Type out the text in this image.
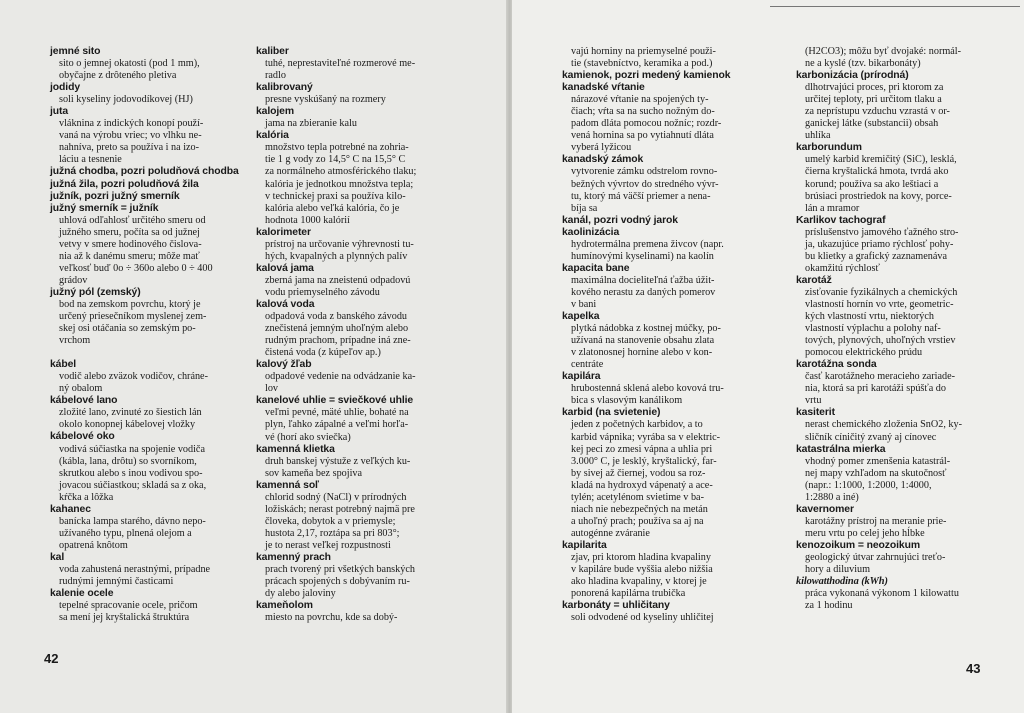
jemné sito
sito o jemnej okatosti (pod 1 mm),
obyčajne z drôteného pletiva
jodidy
soli kyseliny jodovodíkovej (HJ)
juta
vláknina z indických konopí použí-
vaná na výrobu vriec; vo vlhku ne-
nahníva, preto sa používa i na izo-
láciu a tesnenie
južná chodba, pozri poludňová chodba
južná žila, pozri poludňová žila
južník, pozri južný smerník
južný smerník = južník
uhlová odľahlosť určitého smeru od
južného smeru, počíta sa od južnej
vetvy v smere hodinového čislova-
nia až k danému smeru; môže mať
veľkosť buď 0o ÷ 360o alebo 0 ÷ 400
grádov
južný pól (zemský)
bod na zemskom povrchu, ktorý je
určený priesečníkom myslenej zem-
skej osi otáčania so zemským po-
vrchom
kábel
vodič alebo zväzok vodičov, chráne-
ný obalom
kábelové lano
zložité lano, zvinuté zo šiestich lán
okolo konopnej kábelovej vložky
kábelové oko
vodivá súčiastka na spojenie vodiča
(kábla, lana, drôtu) so svorníkom,
skrutkou alebo s inou vodivou spo-
jovacou súčiastkou; skladá sa z oka,
kŕčka a lôžka
kahanec
banícka lampa starého, dávno nepo-
užívaného typu, plnená olejom a
opatrená knôtom
kal
voda zahustená nerastnými, prípadne
rudnými jemnými časticami
kalenie ocele
tepelné spracovanie ocele, pričom
sa mení jej kryštalická štruktúra
kaliber
tuhé, neprestaviteľné rozmerové me-
radlo
kalibrovaný
presne vyskúšaný na rozmery
kalojem
jama na zbieranie kalu
kalória
množstvo tepla potrebné na zohria-
tie 1 g vody zo 14,5° C na 15,5° C
za normálneho atmosférického tlaku;
kalória je jednotkou množstva tepla;
v technickej praxi sa používa kilo-
kalória alebo veľká kalória, čo je
hodnota 1000 kalórií
kalorimeter
prístroj na určovanie výhrevnosti tu-
hých, kvapalných a plynných palív
kalová jama
zberná jama na zneistenú odpadovú
vodu priemyselného závodu
kalová voda
odpadová voda z banského závodu
znečistená jemným uhoľným alebo
rudným prachom, prípadne iná zne-
čistená voda (z kúpeľov ap.)
kalový žľab
odpadové vedenie na odvádzanie ka-
lov
kanelové uhlie = sviečkové uhlie
veľmi pevné, mäté uhlie, bohaté na
plyn, ľahko zápalné a veľmi horľa-
vé (horí ako sviečka)
kamenná klietka
druh banskej výstuže z veľkých ku-
sov kameňa bez spojiva
kamenná soľ
chlorid sodný (NaCl) v prírodných
ložiskách; nerast potrebný najmä pre
človeka, dobytok a v priemysle;
hustota 2,17, roztápa sa pri 803°;
je to nerast veľkej rozpustnosti
kamenný prach
prach tvorený pri všetkých banských
prácach spojených s dobývaním ru-
dy alebo jaloviny
kameňolom
miesto na povrchu, kde sa dobý-
42
vajú horniny na priemyselné použi-
tie (stavebníctvo, keramika a pod.)
kamienok, pozri medený kamienok
kanadské vŕtanie
nárazové vŕtanie na spojených ty-
čiach; vŕta sa na sucho nožným do-
padom dláta pomocou nožníc; rozdr-
vená hornina sa po vytiahnutí dláta
vyberá lyžicou
kanadský zámok
vytvorenie zámku odstrelom rovno-
bežných vývrtov do stredného vývr-
tu, ktorý má väčší priemer a nena-
bíja sa
kanál, pozri vodný jarok
kaolinizácia
hydrotermálna premena živcov (napr.
humínovými kyselinami) na kaolín
kapacita bane
maximálna docieliteľná ťažba úžit-
kového nerastu za daných pomerov
v bani
kapelka
plytká nádobka z kostnej múčky, po-
užívaná na stanovenie obsahu zlata
v zlatonosnej hornine alebo v kon-
centráte
kapilára
hrubostenná sklená alebo kovová tru-
bica s vlasovým kanálikom
karbid (na svietenie)
jeden z početných karbidov, a to
karbid vápnika; vyrába sa v elektric-
kej peci zo zmesi vápna a uhlia pri
3.000° C, je lesklý, kryštalický, far-
by sivej až čiernej, vodou sa roz-
kladá na hydroxyd vápenatý a ace-
tylén; acetylénom svietime v ba-
niach nie nebezpečných na metán
a uhoľný prach; používa sa aj na
autogénne zváranie
kapilarita
zjav, pri ktorom hladina kvapaliny
v kapiláre bude vyššia alebo nižšia
ako hladina kvapaliny, v ktorej je
ponorená kapilárna trubička
karbonáty = uhličitany
soli odvodené od kyseliny uhličitej
(H2CO3); môžu byť dvojaké: normál-
ne a kyslé (tzv. bikarbonáty)
karbonizácia (prírodná)
dlhotrvajúci proces, pri ktorom za
určitej teploty, pri určitom tlaku a
za neprístupu vzduchu vzrastá v or-
ganickej látke (substancii) obsah
uhlíka
karborundum
umelý karbid kremičitý (SiC), lesklá,
čierna kryštalická hmota, tvrdá ako
korund; používa sa ako leštiaci a
brúsiaci prostriedok na kovy, porce-
lán a mramor
Karlikov tachograf
príslušenstvo jamového ťažného stro-
ja, ukazujúce priamo rýchlosť pohy-
bu klietky a grafický zaznamenáva
okamžitú rýchlosť
karotáž
zisťovanie fyzikálnych a chemických
vlastností hornín vo vrte, geometric-
kých vlastností vrtu, niektorých
vlastností výplachu a polohy naf-
tových, plynových, uhoľných vrstiev
pomocou elektrického prúdu
karotážna sonda
časť karotážneho meracieho zariade-
nia, ktorá sa pri karotáži spúšťa do
vrtu
kasiterit
nerast chemického zloženia SnO2, ky-
sličník cíničitý zvaný aj cínovec
katastrálna mierka
vhodný pomer zmenšenia katastrál-
nej mapy vzhľadom na skutočnosť
(napr.: 1:1000, 1:2000, 1:4000,
1:2880 a iné)
kavernomer
karotážny prístroj na meranie prie-
meru vrtu po celej jeho hĺbke
kenozoikum = neozoikum
geologický útvar zahrnujúci treťo-
hory a diluvium
kilowatthodina (kWh)
práca vykonaná výkonom 1 kilowattu
za 1 hodinu
43
